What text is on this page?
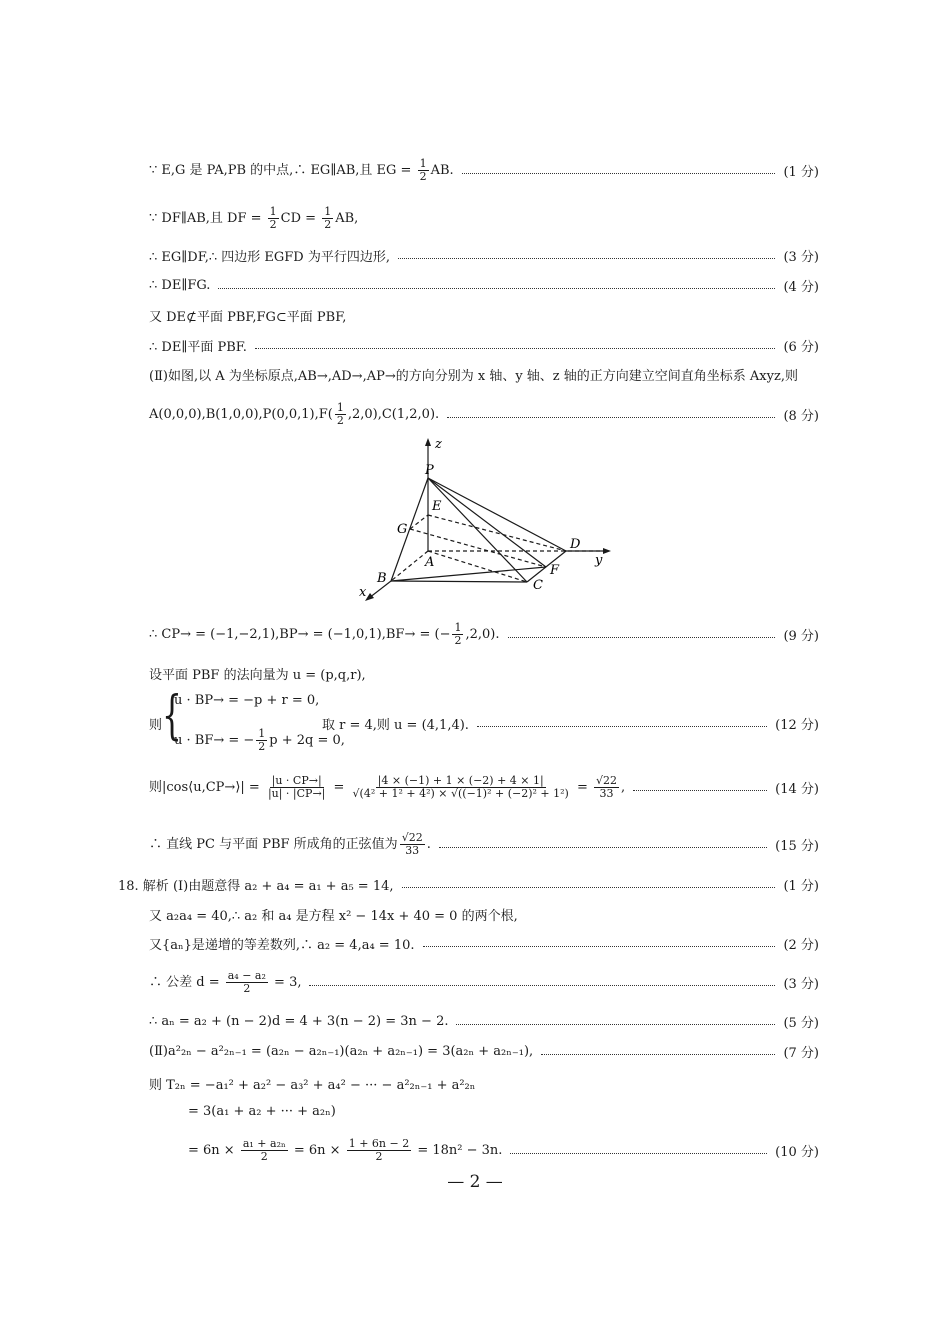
∵ E,G 是 PA,PB 的中点,∴ EG∥AB,且 EG = $\frac{1}{2}$ AB.	(1 分)
∵ DF∥AB,且 DF = $\frac{1}{2}$ CD = $\frac{1}{2}$ AB,
∴ EG∥DF,∴ 四边形 EGFD 为平行四边形,	(3 分)
∴ DE∥FG.	(4 分)
又 DE⊄平面 PBF,FG⊂平面 PBF,
∴ DE∥平面 PBF.	(6 分)
(Ⅱ)如图,以 A 为坐标原点,AB→,AD→,AP→的方向分别为 x 轴、y 轴、z 轴的正方向建立空间直角坐标系 Axyz,则
$A(0,0,0),B(1,0,0),P(0,0,1),F( \frac{1}{2} ,2,0),C(1,2,0)$.	(8 分)
z
y
x
P
E
G
A
B	C
D
F
∴ CP→ = (−1,−2,1),BP→ = (−1,0,1),BF→ = (− $\frac{1}{2} ,2,0$).	(9 分)
设平面 PBF 的法向量为 u = (p,q,r),
则 {
u · BP→ = −p + r = 0,
u · BF→ = − $\frac{1}{2}$ p + 2q = 0,
取 r = 4,则 u = (4,1,4).	(12 分)
则|cos⟨u,CP→⟩| = $\frac{|u \cdot CP\to|}{|u| \cdot |CP\to|} = \frac{|4 \times (-1) + 1 \times (-2) + 4 \times 1|}{\text{√(4² + 1² + 4²) × √((−1)² + (−2)² + 1²)}} = \frac{√22}{33}$ ,	(14 分)
∴ 直线 PC 与平面 PBF 所成角的正弦值为 $\frac{√22}{33}$ .	(15 分)
18. 解析 (Ⅰ)由题意得 a₂ + a₄ = a₁ + a₅ = 14,	(1 分)
又 a₂a₄ = 40,∴ a₂ 和 a₄ 是方程 x² − 14x + 40 = 0 的两个根,
又{aₙ}是递增的等差数列,∴ a₂ = 4,a₄ = 10.	(2 分)
∴ 公差 $d = \frac{\text{a₄ − a₂}}{2} = 3$,	(3 分)
∴ aₙ = a₂ + (n − 2)d = 4 + 3(n − 2) = 3n − 2.	(5 分)
(Ⅱ)a²₂ₙ − a²₂ₙ₋₁ = (a₂ₙ − a₂ₙ₋₁)(a₂ₙ + a₂ₙ₋₁) = 3(a₂ₙ + a₂ₙ₋₁),	(7 分)
则 T₂ₙ = −a₁² + a₂² − a₃² + a₄² − ··· − a²₂ₙ₋₁ + a²₂ₙ
= 3(a₁ + a₂ + ··· + a₂ₙ)
= $6n \times \frac{\text{a₁ + a₂ₙ}}{2} = 6n \times \frac{1 + 6n - 2}{2} = 18n^2 - 3n$.	(10 分)
— 2 —
